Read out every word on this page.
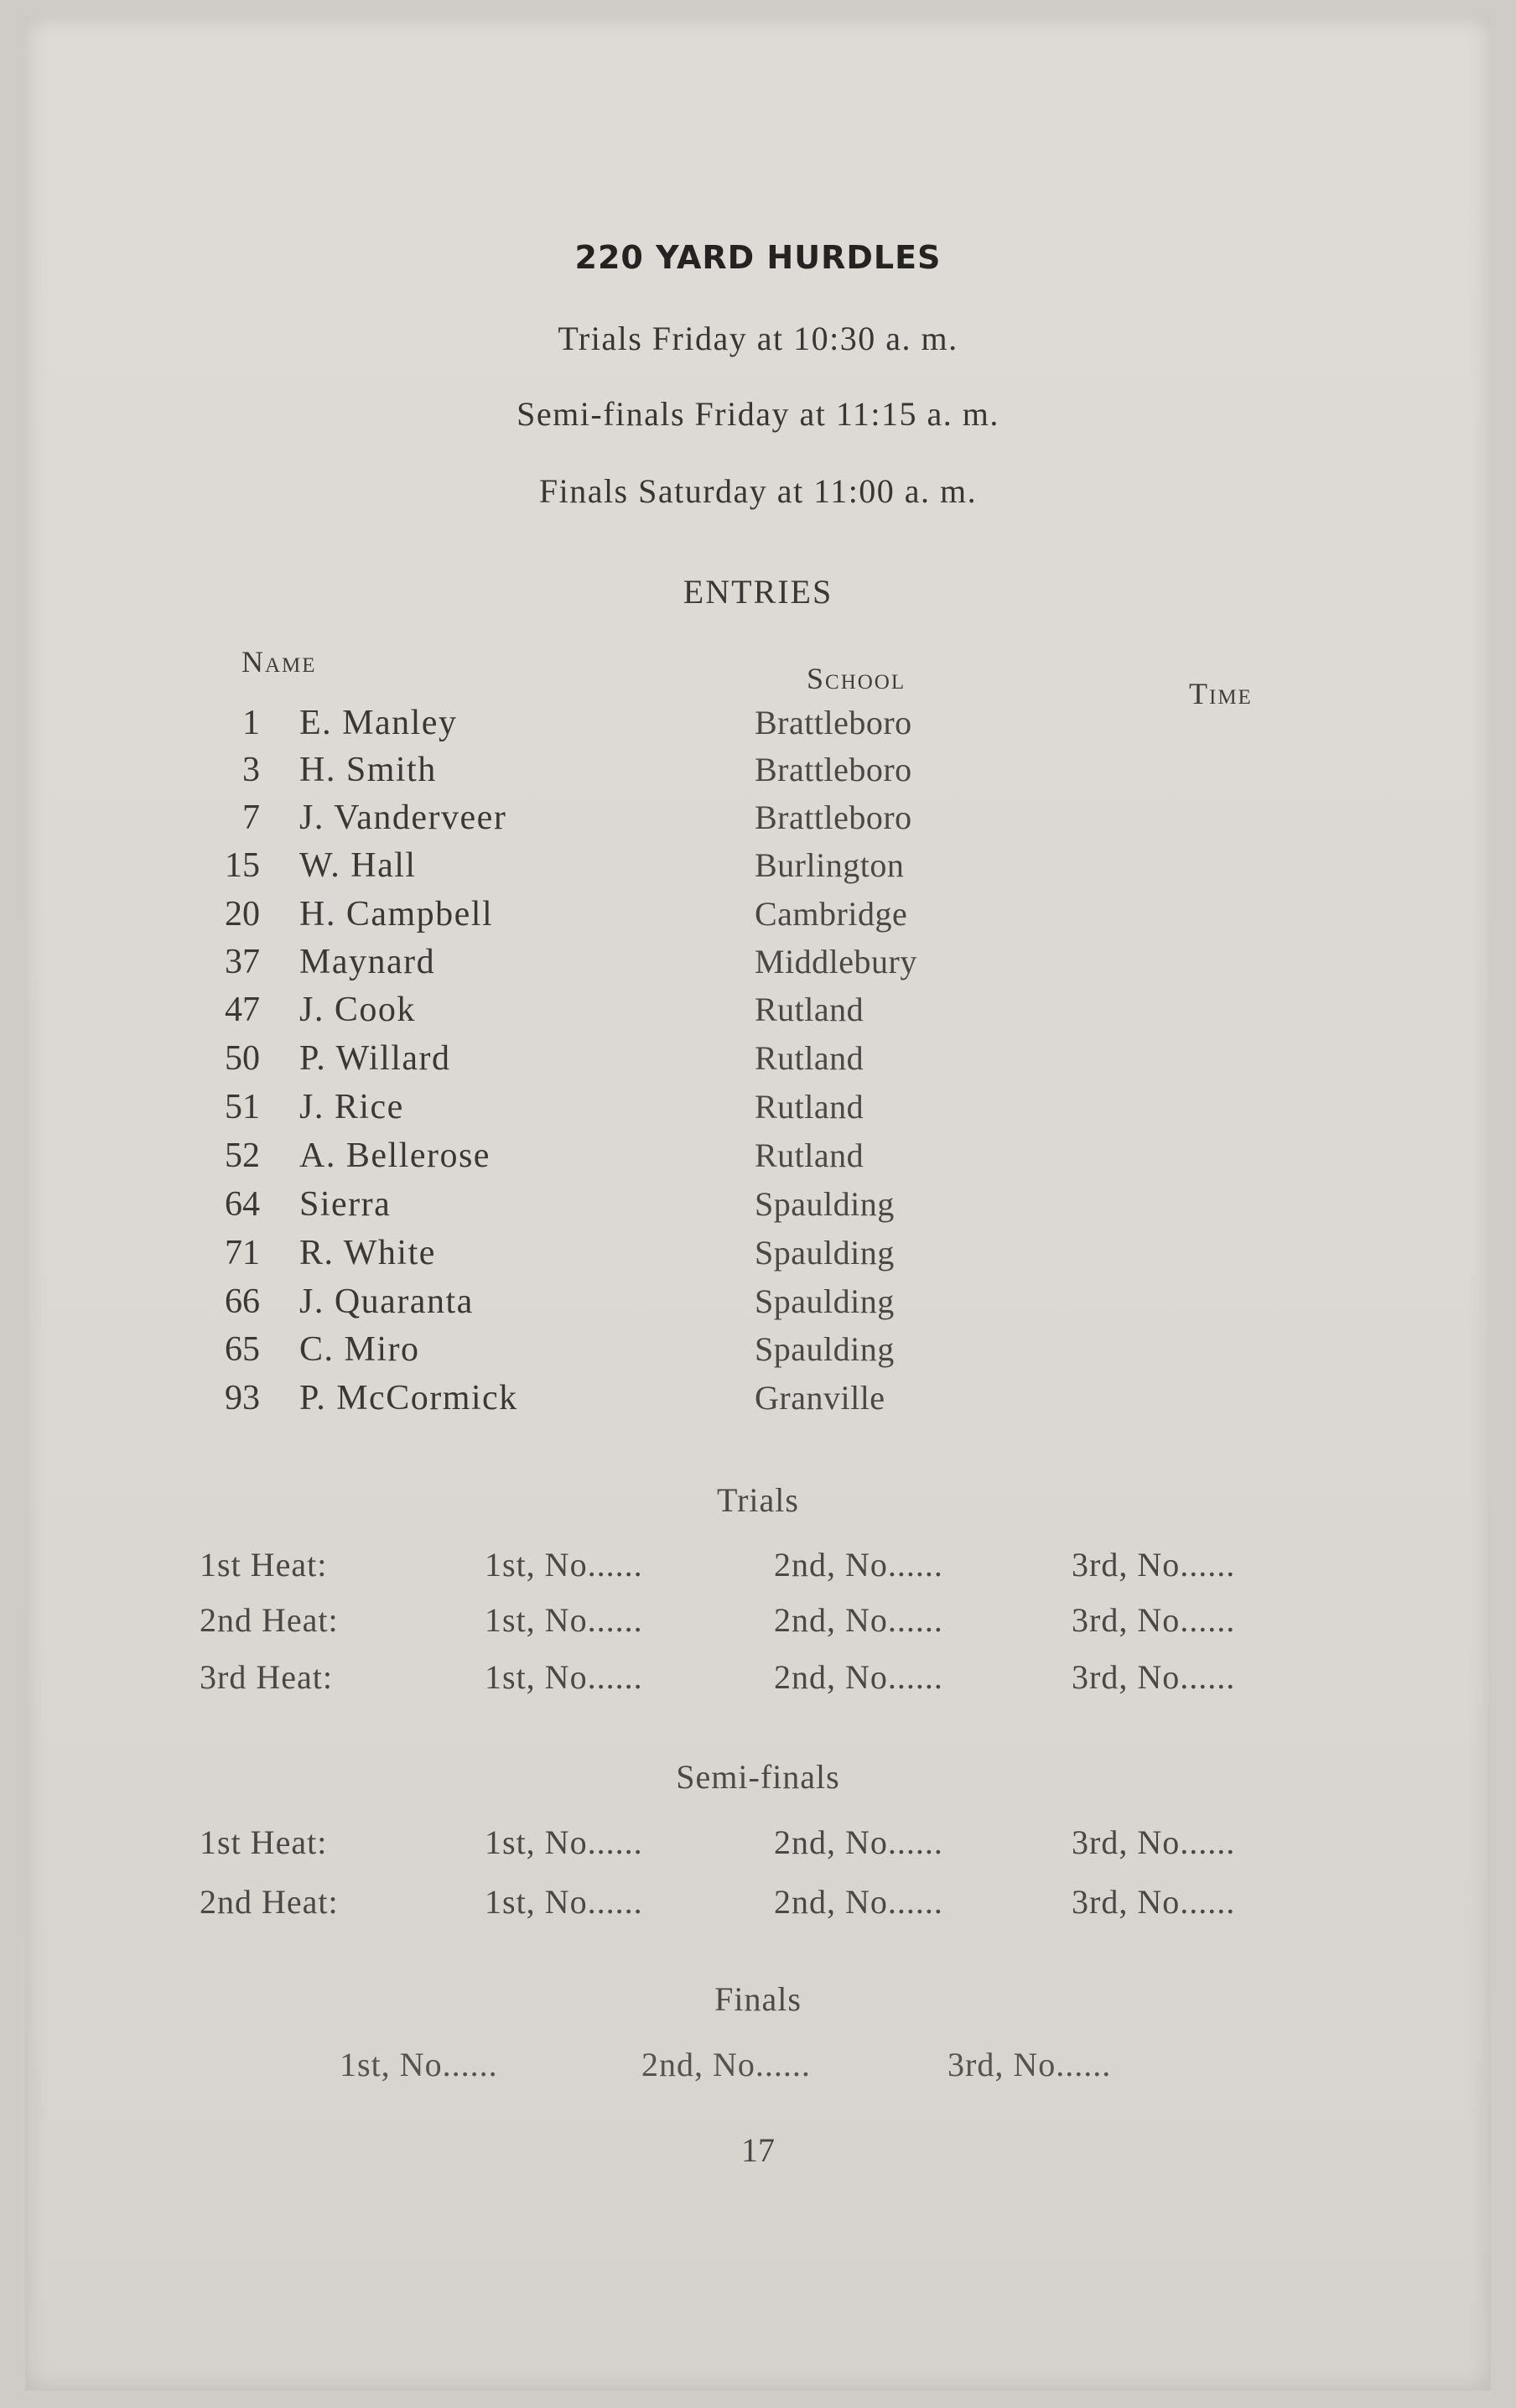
220 YARD HURDLES
Trials Friday at 10:30 a. m.
Semi-finals Friday at 11:15 a. m.
Finals Saturday at 11:00 a. m.
ENTRIES
Name	School	Time
1 E. Manley	Brattleboro
3 H. Smith	Brattleboro
7 J. Vanderveer	Brattleboro
15 W. Hall	Burlington
20 H. Campbell	Cambridge
37 Maynard	Middlebury
47 J. Cook	Rutland
50 P. Willard	Rutland
51 J. Rice	Rutland
52 A. Bellerose	Rutland
64 Sierra	Spaulding
71 R. White	Spaulding
66 J. Quaranta	Spaulding
65 C. Miro	Spaulding
93 P. McCormick	Granville
Trials
1st Heat:	1st, No......	2nd, No......	3rd, No......
2nd Heat:	1st, No......	2nd, No......	3rd, No......
3rd Heat:	1st, No......	2nd, No......	3rd, No......
Semi-finals
1st Heat:	1st, No......	2nd, No......	3rd, No......
2nd Heat:	1st, No......	2nd, No......	3rd, No......
Finals
1st, No......	2nd, No......	3rd, No......
17
